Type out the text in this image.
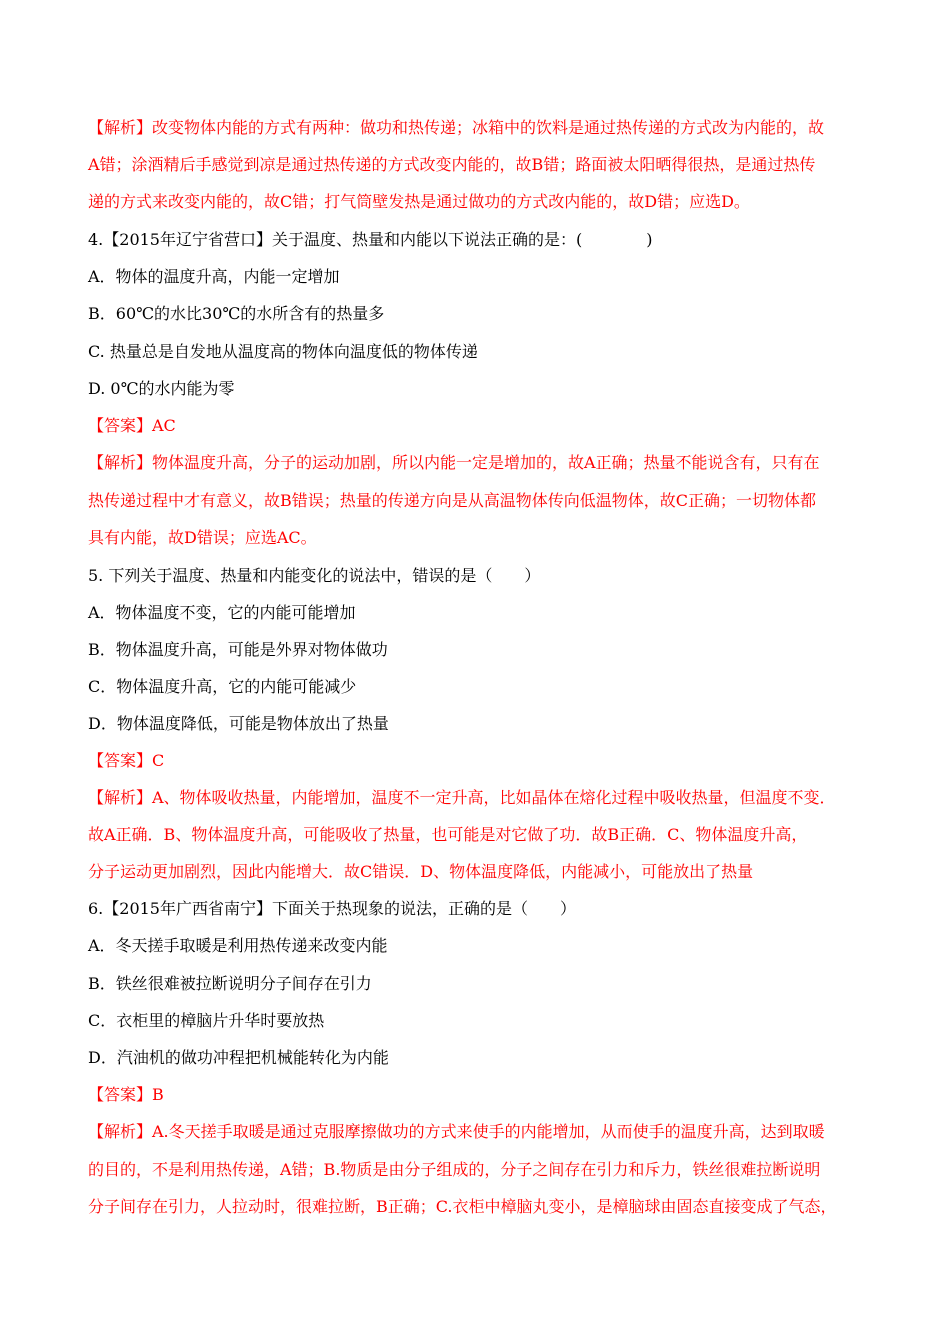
【解析】改变物体内能的方式有两种：做功和热传递；冰箱中的饮料是通过热传递的方式改为内能的，故
A错；涂酒精后手感觉到凉是通过热传递的方式改变内能的，故B错；路面被太阳晒得很热，是通过热传
递的方式来改变内能的，故C错；打气筒壁发热是通过做功的方式改内能的，故D错；应选D。
4.【2015年辽宁省营口】关于温度、热量和内能以下说法正确的是：(　　　　)
A．物体的温度升高，内能一定增加
B．60℃的水比30℃的水所含有的热量多
C. 热量总是自发地从温度高的物体向温度低的物体传递
D. 0℃的水内能为零
【答案】AC
【解析】物体温度升高，分子的运动加剧，所以内能一定是增加的，故A正确；热量不能说含有，只有在
热传递过程中才有意义，故B错误；热量的传递方向是从高温物体传向低温物体，故C正确；一切物体都
具有内能，故D错误；应选AC。
5. 下列关于温度、热量和内能变化的说法中，错误的是（　　）
A．物体温度不变，它的内能可能增加
B．物体温度升高，可能是外界对物体做功
C．物体温度升高，它的内能可能减少
D．物体温度降低，可能是物体放出了热量
【答案】C
【解析】A、物体吸收热量，内能增加，温度不一定升高，比如晶体在熔化过程中吸收热量，但温度不变．
故A正确．B、物体温度升高，可能吸收了热量，也可能是对它做了功．故B正确．C、物体温度升高，
分子运动更加剧烈，因此内能增大．故C错误．D、物体温度降低，内能减小，可能放出了热量
6.【2015年广西省南宁】下面关于热现象的说法，正确的是（　　）
A．冬天搓手取暖是利用热传递来改变内能
B．铁丝很难被拉断说明分子间存在引力
C．衣柜里的樟脑片升华时要放热
D．汽油机的做功冲程把机械能转化为内能
【答案】B
【解析】A.冬天搓手取暖是通过克服摩擦做功的方式来使手的内能增加，从而使手的温度升高，达到取暖
的目的，不是利用热传递，A错；B.物质是由分子组成的，分子之间存在引力和斥力，铁丝很难拉断说明
分子间存在引力，人拉动时，很难拉断，B正确；C.衣柜中樟脑丸变小，是樟脑球由固态直接变成了气态，
